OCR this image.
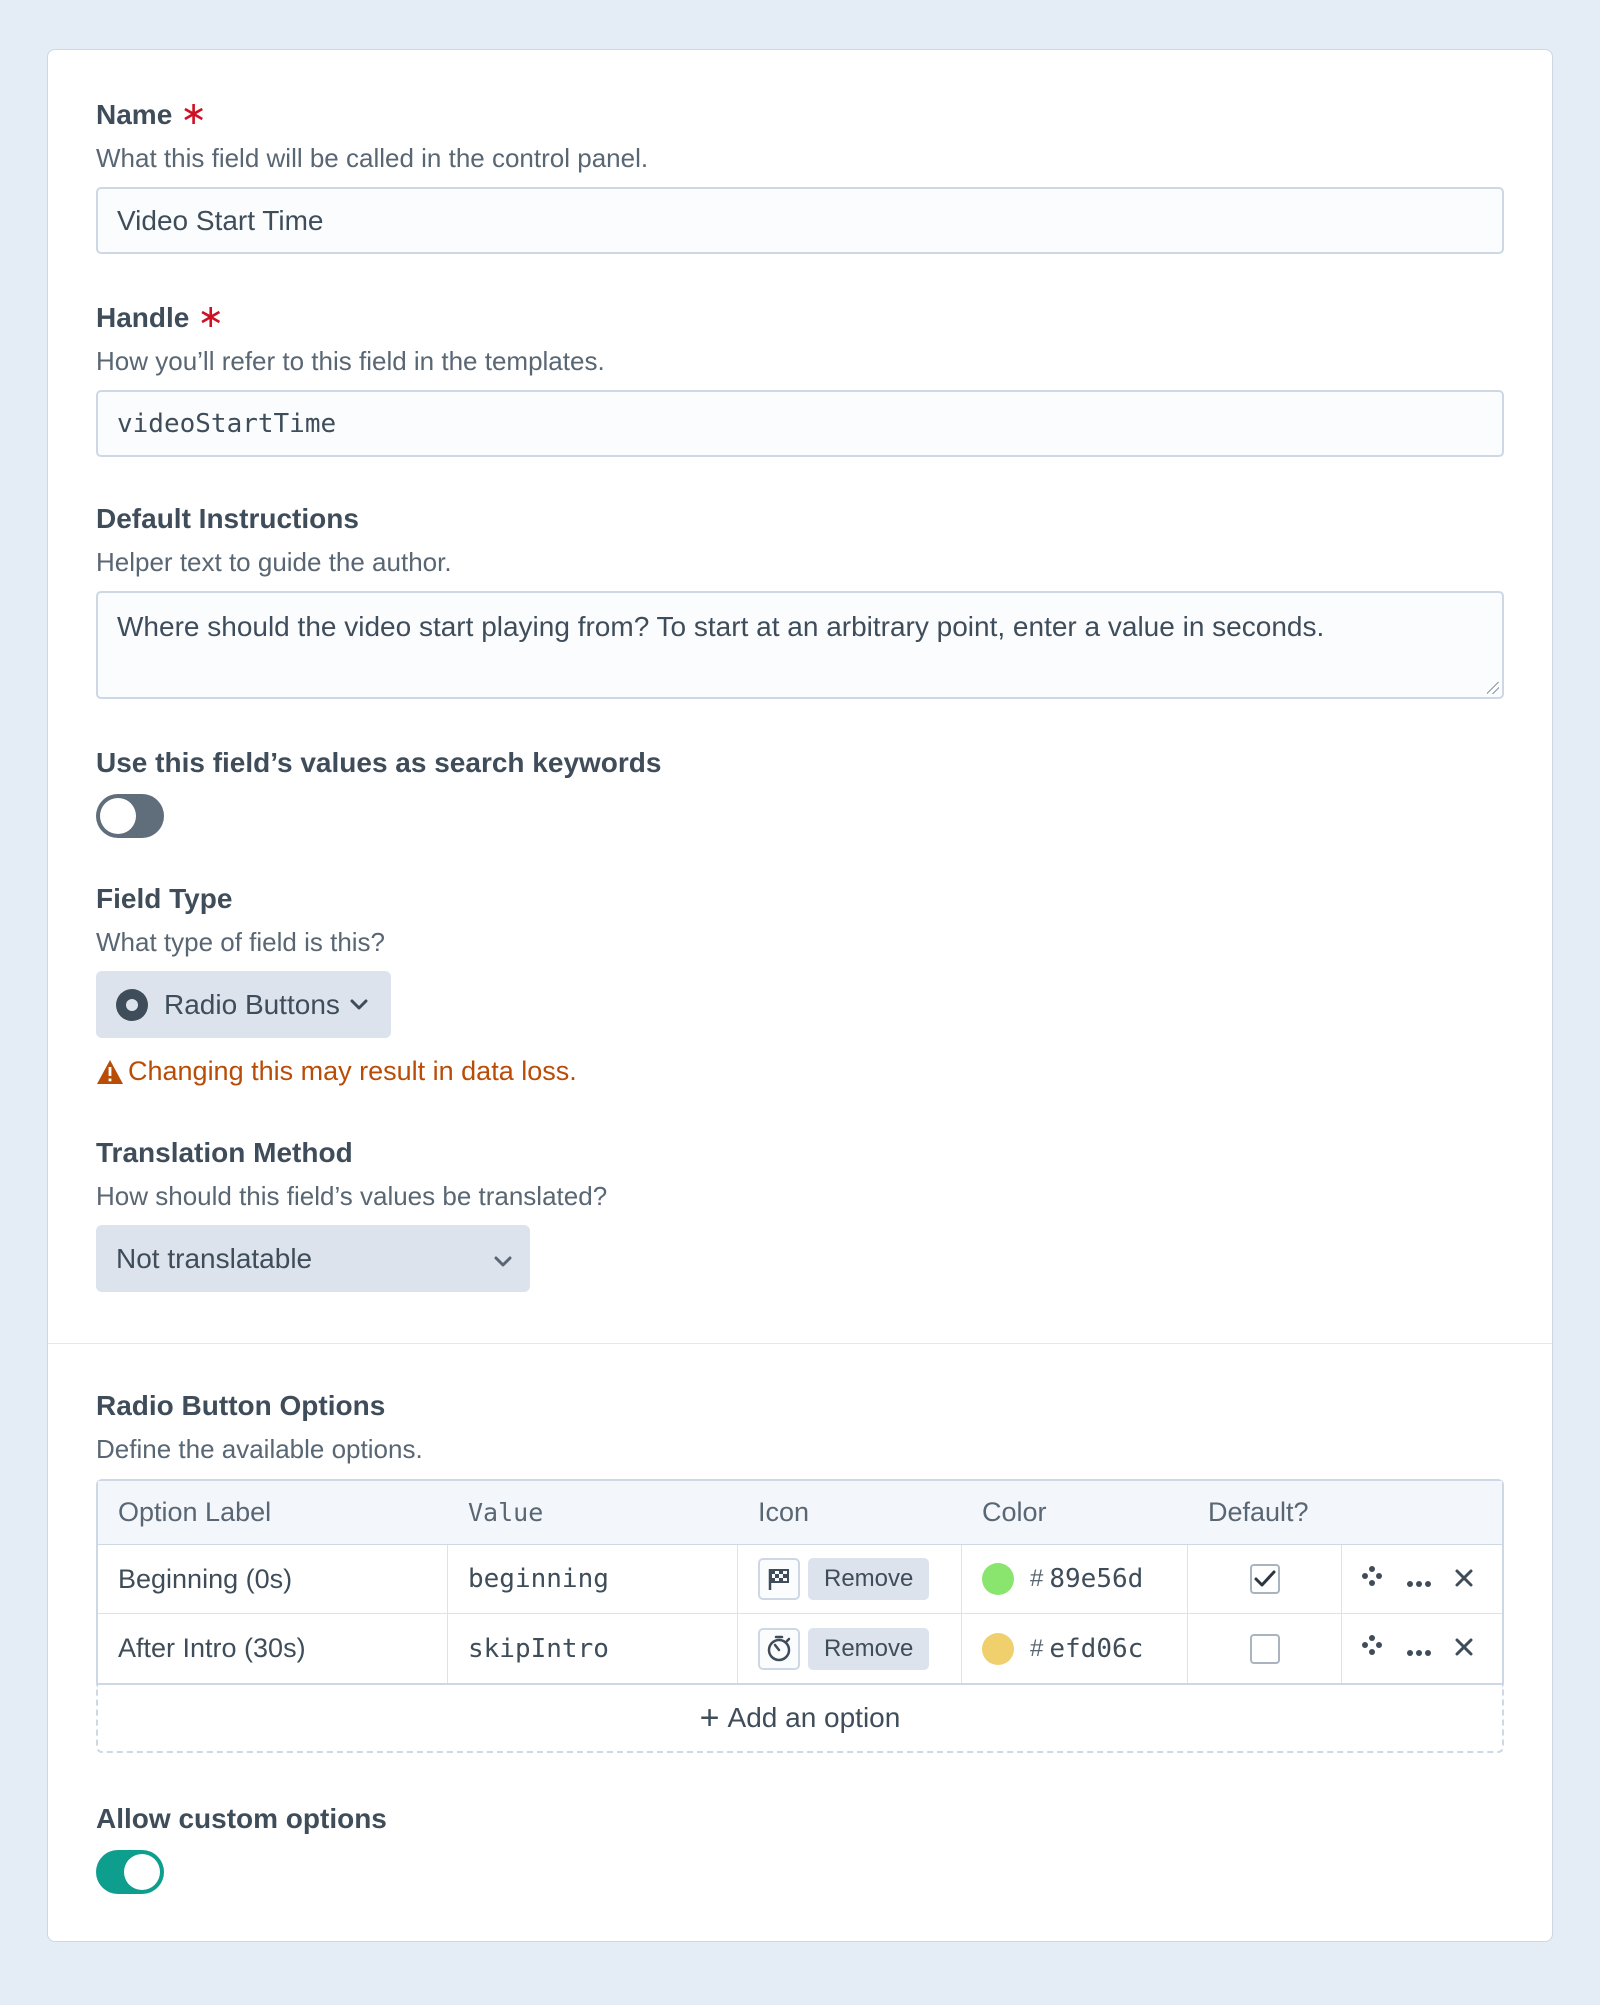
Name ∗
What this field will be called in the control panel.
Video Start Time
Handle ∗
How you’ll refer to this field in the templates.
videoStartTime
Default Instructions
Helper text to guide the author.
Where should the video start playing from? To start at an arbitrary point, enter a value in seconds.
Use this field’s values as search keywords
Field Type
What type of field is this?
Radio Buttons
Changing this may result in data loss.
Translation Method
How should this field’s values be translated?
Not translatable
Radio Button Options
Define the available options.
Option Label	Value	Icon	Color	Default?	
Beginning (0s)	beginning	Remove	# 89e56d

After Intro (30s)	skipIntro	Remove	# efd06c

+ Add an option
Allow custom options
